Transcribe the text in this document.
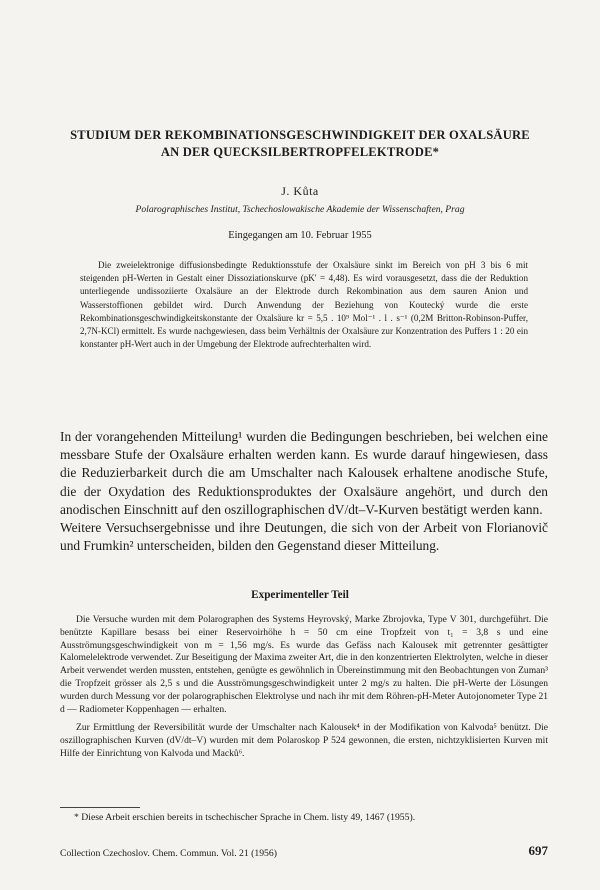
STUDIUM DER REKOMBINATIONSGESCHWINDIGKEIT DER OXALSÄURE
AN DER QUECKSILBERTROPFELEKTRODE*

J. Kůta

Polarographisches Institut, Tschechoslowakische Akademie der Wissenschaften, Prag

Eingegangen am 10. Februar 1955

Die zweielektronige diffusionsbedingte Reduktionsstufe der Oxalsäure sinkt im Bereich von pH 3 bis 6 mit steigenden pH-Werten in Gestalt einer Dissoziationskurve (pK' = 4,48). Es wird vorausgesetzt, dass die der Reduktion unterliegende undissoziierte Oxalsäure an der Elektrode durch Rekombination aus dem sauren Anion und Wasserstoffionen gebildet wird. Durch Anwendung der Beziehung von Koutecký wurde die erste Rekombinationsgeschwindigkeitskonstante der Oxalsäure kr = 5,5 . 10⁹ Mol⁻¹ . l . s⁻¹ (0,2M Britton-Robinson-Puffer, 2,7N-KCl) ermittelt. Es wurde nachgewiesen, dass beim Verhältnis der Oxalsäure zur Konzentration des Puffers 1 : 20 ein konstanter pH-Wert auch in der Umgebung der Elektrode aufrechterhalten wird.

In der vorangehenden Mitteilung¹ wurden die Bedingungen beschrieben, bei welchen eine messbare Stufe der Oxalsäure erhalten werden kann. Es wurde darauf hingewiesen, dass die Reduzierbarkeit durch die am Umschalter nach Kalousek erhaltene anodische Stufe, die der Oxydation des Reduktionsproduktes der Oxalsäure angehört, und durch den anodischen Einschnitt auf den oszillographischen dV/dt–V-Kurven bestätigt werden kann.

Weitere Versuchsergebnisse und ihre Deutungen, die sich von der Arbeit von Florianovič und Frumkin² unterscheiden, bilden den Gegenstand dieser Mitteilung.

Experimenteller Teil

Die Versuche wurden mit dem Polarographen des Systems Heyrovský, Marke Zbrojovka, Type V 301, durchgeführt. Die benützte Kapillare besass bei einer Reservoirhöhe h = 50 cm eine Tropfzeit von t₁ = 3,8 s und eine Ausströmungsgeschwindigkeit von m = 1,56 mg/s. Es wurde das Gefäss nach Kalousek mit getrennter gesättigter Kalomelelektrode verwendet. Zur Beseitigung der Maxima zweiter Art, die in den konzentrierten Elektrolyten, welche in dieser Arbeit verwendet werden mussten, entstehen, genügte es gewöhnlich in Übereinstimmung mit den Beobachtungen von Zuman³ die Tropfzeit grösser als 2,5 s und die Ausströmungsgeschwindigkeit unter 2 mg/s zu halten. Die pH-Werte der Lösungen wurden durch Messung vor der polarographischen Elektrolyse und nach ihr mit dem Röhren-pH-Meter Autojonometer Type 21 d — Radiometer Koppenhagen — erhalten.

Zur Ermittlung der Reversibilität wurde der Umschalter nach Kalousek⁴ in der Modifikation von Kalvoda⁵ benützt. Die oszillographischen Kurven (dV/dt–V) wurden mit dem Polaroskop P 524 gewonnen, die ersten, nichtzyklisierten Kurven mit Hilfe der Einrichtung von Kalvoda und Macků⁶.

* Diese Arbeit erschien bereits in tschechischer Sprache in Chem. listy 49, 1467 (1955).

Collection Czechoslov. Chem. Commun. Vol. 21 (1956)	697
